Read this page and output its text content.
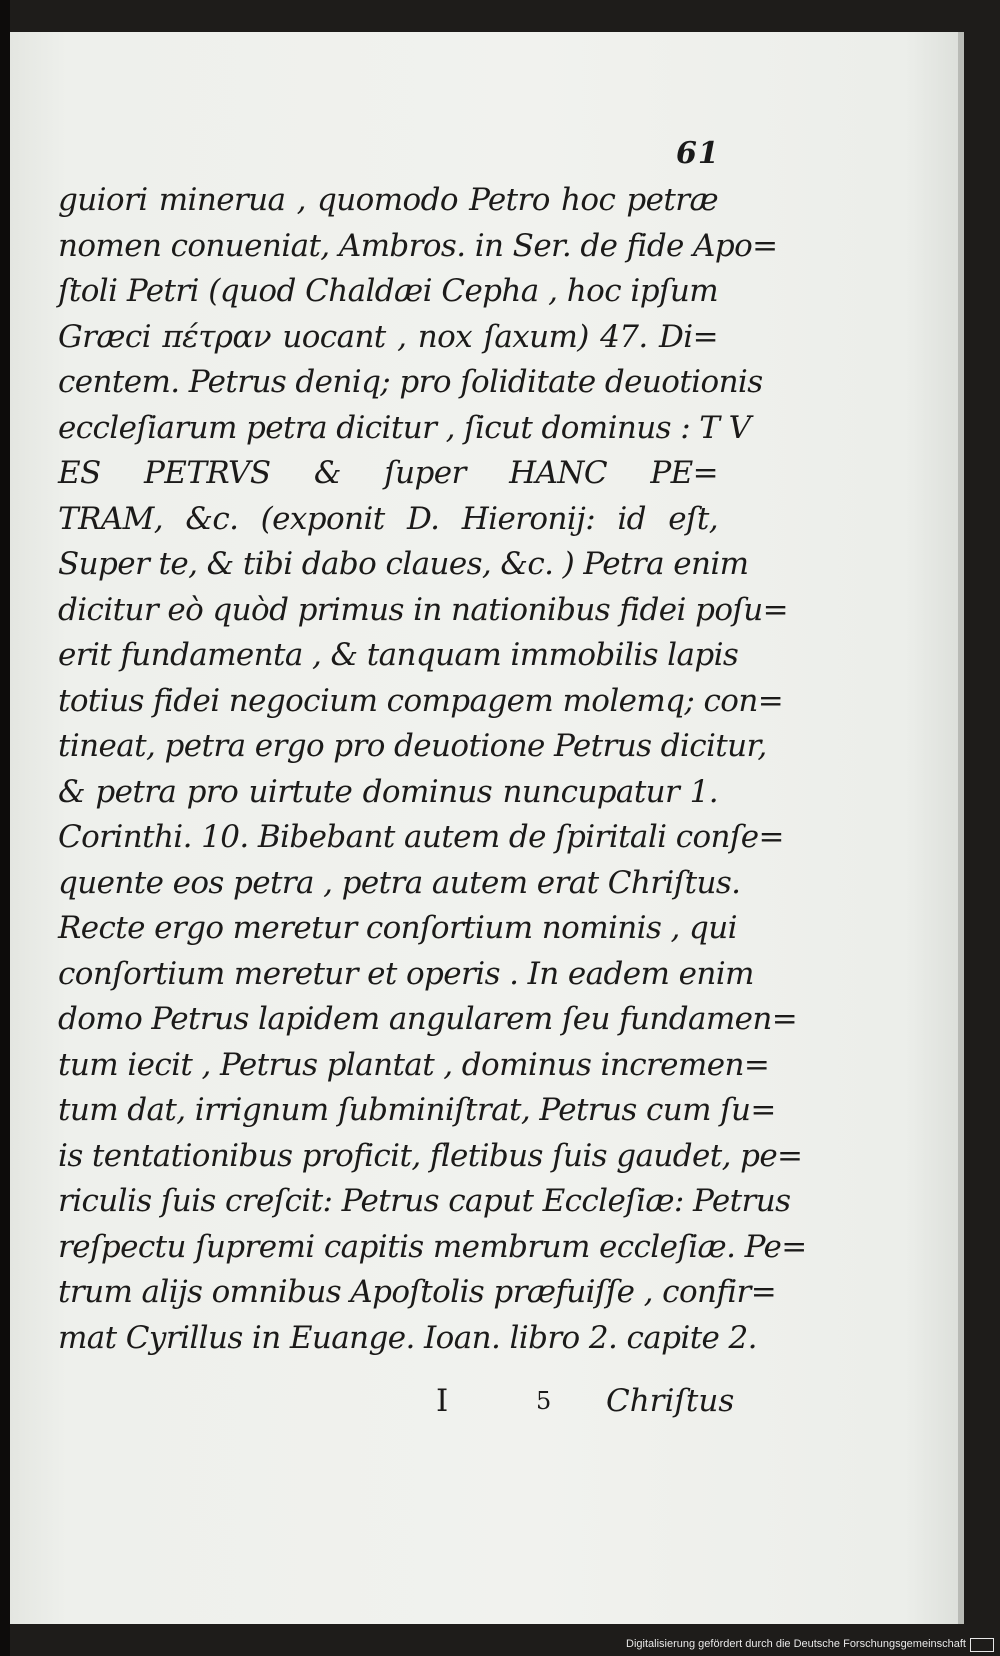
61
guiori minerua , quomodo Petro hoc petræ
nomen conueniat, Ambros. in Ser. de fide Apo=
ſtoli Petri (quod Chaldæi Cepha , hoc ipſum
Græci πέτραν uocant , nox ſaxum) 47. Di=
centem. Petrus deniq; pro ſoliditate deuotionis
eccleſiarum petra dicitur , ſicut dominus : T V
ES PETRVS & ſuper HANC PE=
TRAM, &c. (exponit D. Hieronij: id eſt,
Super te, & tibi dabo claues, &c. ) Petra enim
dicitur eò quòd primus in nationibus fidei poſu=
erit fundamenta , & tanquam immobilis lapis
totius fidei negocium compagem molemq; con=
tineat, petra ergo pro deuotione Petrus dicitur,
& petra pro uirtute dominus nuncupatur 1.
Corinthi. 10. Bibebant autem de ſpiritali conſe=
quente eos petra , petra autem erat Chriſtus.
Recte ergo meretur conſortium nominis , qui
conſortium meretur et operis . In eadem enim
domo Petrus lapidem angularem ſeu fundamen=
tum iecit , Petrus plantat , dominus incremen=
tum dat, irrignum ſubminiſtrat, Petrus cum ſu=
is tentationibus proficit, fletibus ſuis gaudet, pe=
riculis ſuis creſcit: Petrus caput Eccleſiæ: Petrus
reſpectu ſupremi capitis membrum eccleſiæ. Pe=
trum alijs omnibus Apoſtolis præfuiſſe , confir=
mat Cyrillus in Euange. Ioan. libro 2. capite 2.
I	5 Chriſtus
Digitalisierung gefördert durch die Deutsche Forschungsgemeinschaft
